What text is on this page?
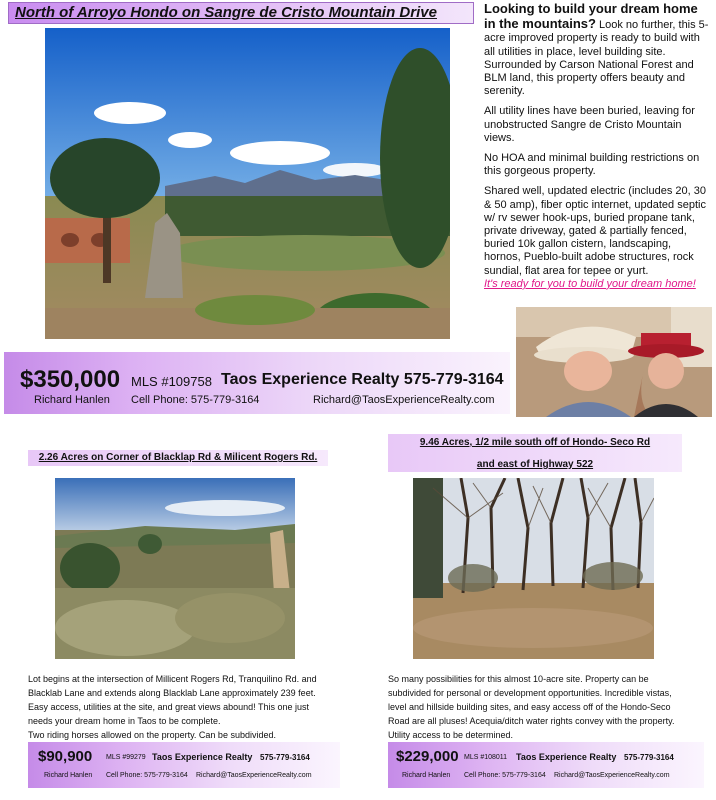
North of Arroyo Hondo on Sangre de Cristo Mountain Drive	Looking to build your dream home in the mountains? Look no further, this 5-acre improved property is ready to build with all utilities in place, level building site. Surrounded by Carson National Forest and BLM land, this property offers beauty and serenity.

All utility lines have been buried, leaving for unobstructed Sangre de Cristo Mountain views.

No HOA and minimal building restrictions on this gorgeous property.

Shared well, updated electric (includes 20, 30 & 50 amp), fiber optic internet, updated septic w/ rv sewer hook-ups, buried propane tank, private driveway, gated & partially fenced, buried 10k gallon cistern, landscaping, hornos, Pueblo-built adobe structures, rock sundial, flat area for tepee or yurt.

It's ready for you to build your dream home!

$350,000 MLS #109758 Taos Experience Realty 575-779-3164
Richard Hanlen Cell Phone: 575-779-3164	Richard@TaosExperienceRealty.com
2.26 Acres on Corner of Blacklap Rd & Milicent Rogers Rd.
Lot begins at the intersection of Millicent Rogers Rd, Tranquilino Rd. and
Blacklab Lane and extends along Blacklab Lane approximately 239 feet.
Easy access, utilities at the site, and great views abound! This one just
needs your dream home in Taos to be complete.
Two riding horses allowed on the property. Can be subdivided.
$90,900 MLS #99279 Taos Experience Realty 575-779-3164
Richard Hanlen Cell Phone: 575-779-3164 Richard@TaosExperienceRealty.com
9.46 Acres, 1/2 mile south off of Hondo- Seco Rd
and east of Highway 522
So many possibilities for this almost 10-acre site. Property can be
subdivided for personal or development opportunities. Incredible vistas,
level and hillside building sites, and easy access off of the Hondo-Seco
Road are all pluses! Acequia/ditch water rights convey with the property.
Utility access to be determined.
$229,000 MLS #108011 Taos Experience Realty 575-779-3164
Richard Hanlen Cell Phone: 575-779-3164 Richard@TaosExperienceRealty.com
